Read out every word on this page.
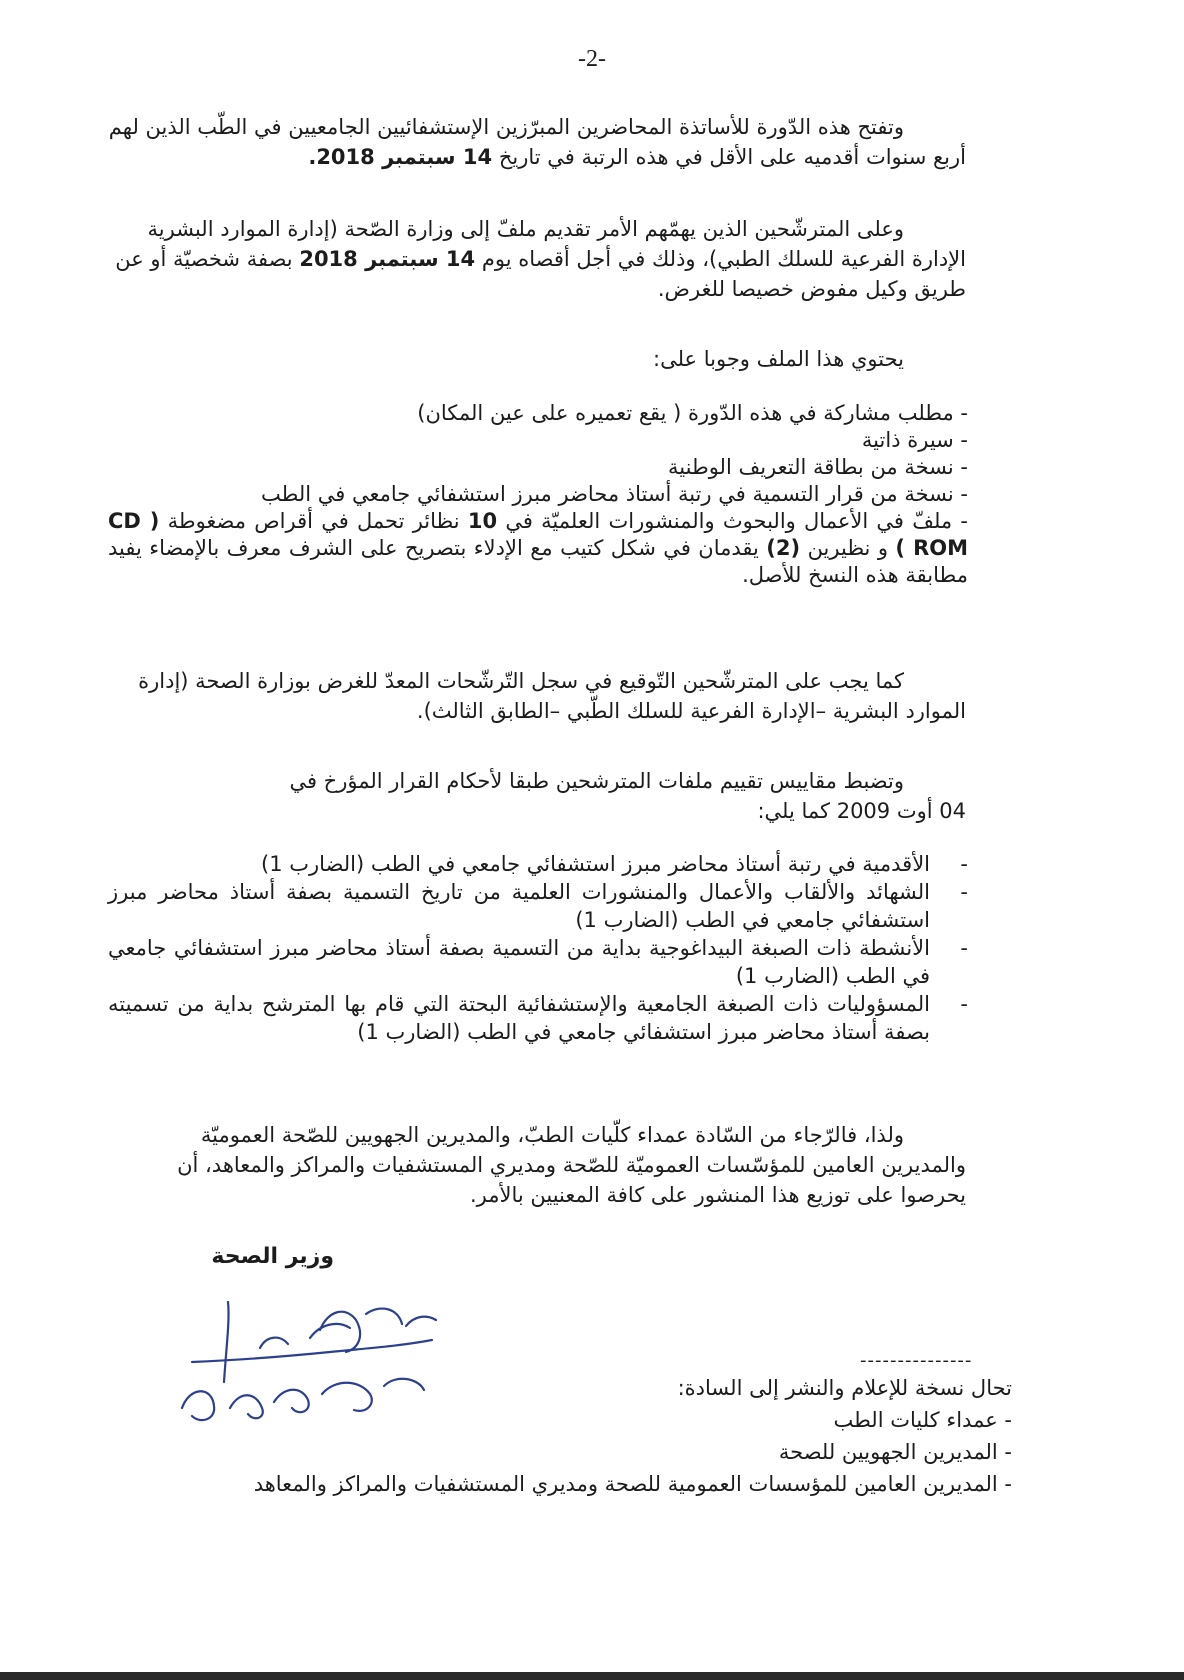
-2-
وتفتح هذه الدّورة للأساتذة المحاضرين المبرّزين الإستشفائيين الجامعيين في الطّب الذين لهم
أربع سنوات أقدميه على الأقل في هذه الرتبة في تاريخ 14 سبتمبر 2018.
وعلى المترشّحين الذين يهمّهم الأمر تقديم ملفّ إلى وزارة الصّحة (إدارة الموارد البشرية
الإدارة الفرعية للسلك الطبي)، وذلك في أجل أقصاه يوم 14 سبتمبر 2018 بصفة شخصيّة أو عن
طريق وكيل مفوض خصيصا للغرض.
يحتوي هذا الملف وجوبا على:
- مطلب مشاركة في هذه الدّورة ( يقع تعميره على عين المكان)
- سيرة ذاتية
- نسخة من بطاقة التعريف الوطنية
- نسخة من قرار التسمية في رتبة أستاذ محاضر مبرز استشفائي جامعي في الطب
- ملفّ في الأعمال والبحوث والمنشورات العلميّة في 10 نظائر تحمل في أقراص مضغوطة ( CD ROM ) و نظيرين (2) يقدمان في شكل كتيب مع الإدلاء بتصريح على الشرف معرف بالإمضاء يفيد مطابقة هذه النسخ للأصل.
كما يجب على المترشّحين التّوقيع في سجل التّرشّحات المعدّ للغرض بوزارة الصحة (إدارة
الموارد البشرية –الإدارة الفرعية للسلك الطّبي –الطابق الثالث).
وتضبط مقاييس تقييم ملفات المترشحين طبقا لأحكام القرار المؤرخ في
04 أوت 2009 كما يلي:
-
الأقدمية في رتبة أستاذ محاضر مبرز استشفائي جامعي في الطب (الضارب 1)
-
الشهائد والألقاب والأعمال والمنشورات العلمية من تاريخ التسمية بصفة أستاذ محاضر مبرز استشفائي جامعي في الطب (الضارب 1)
-
الأنشطة ذات الصبغة البيداغوجية بداية من التسمية بصفة أستاذ محاضر مبرز استشفائي جامعي في الطب (الضارب 1)
-
المسؤوليات ذات الصبغة الجامعية والإستشفائية البحتة التي قام بها المترشح بداية من تسميته بصفة أستاذ محاضر مبرز استشفائي جامعي في الطب (الضارب 1)
ولذا، فالرّجاء من السّادة عمداء كلّيات الطبّ، والمديرين الجهويين للصّحة العموميّة
والمديرين العامين للمؤسّسات العموميّة للصّحة ومديري المستشفيات والمراكز والمعاهد، أن
يحرصوا على توزيع هذا المنشور على كافة المعنيين بالأمر.
وزير الصحة
---------------
تحال نسخة للإعلام والنشر إلى السادة:
- عمداء كليات الطب
- المديرين الجهويين للصحة
- المديرين العامين للمؤسسات العمومية للصحة ومديري المستشفيات والمراكز والمعاهد
